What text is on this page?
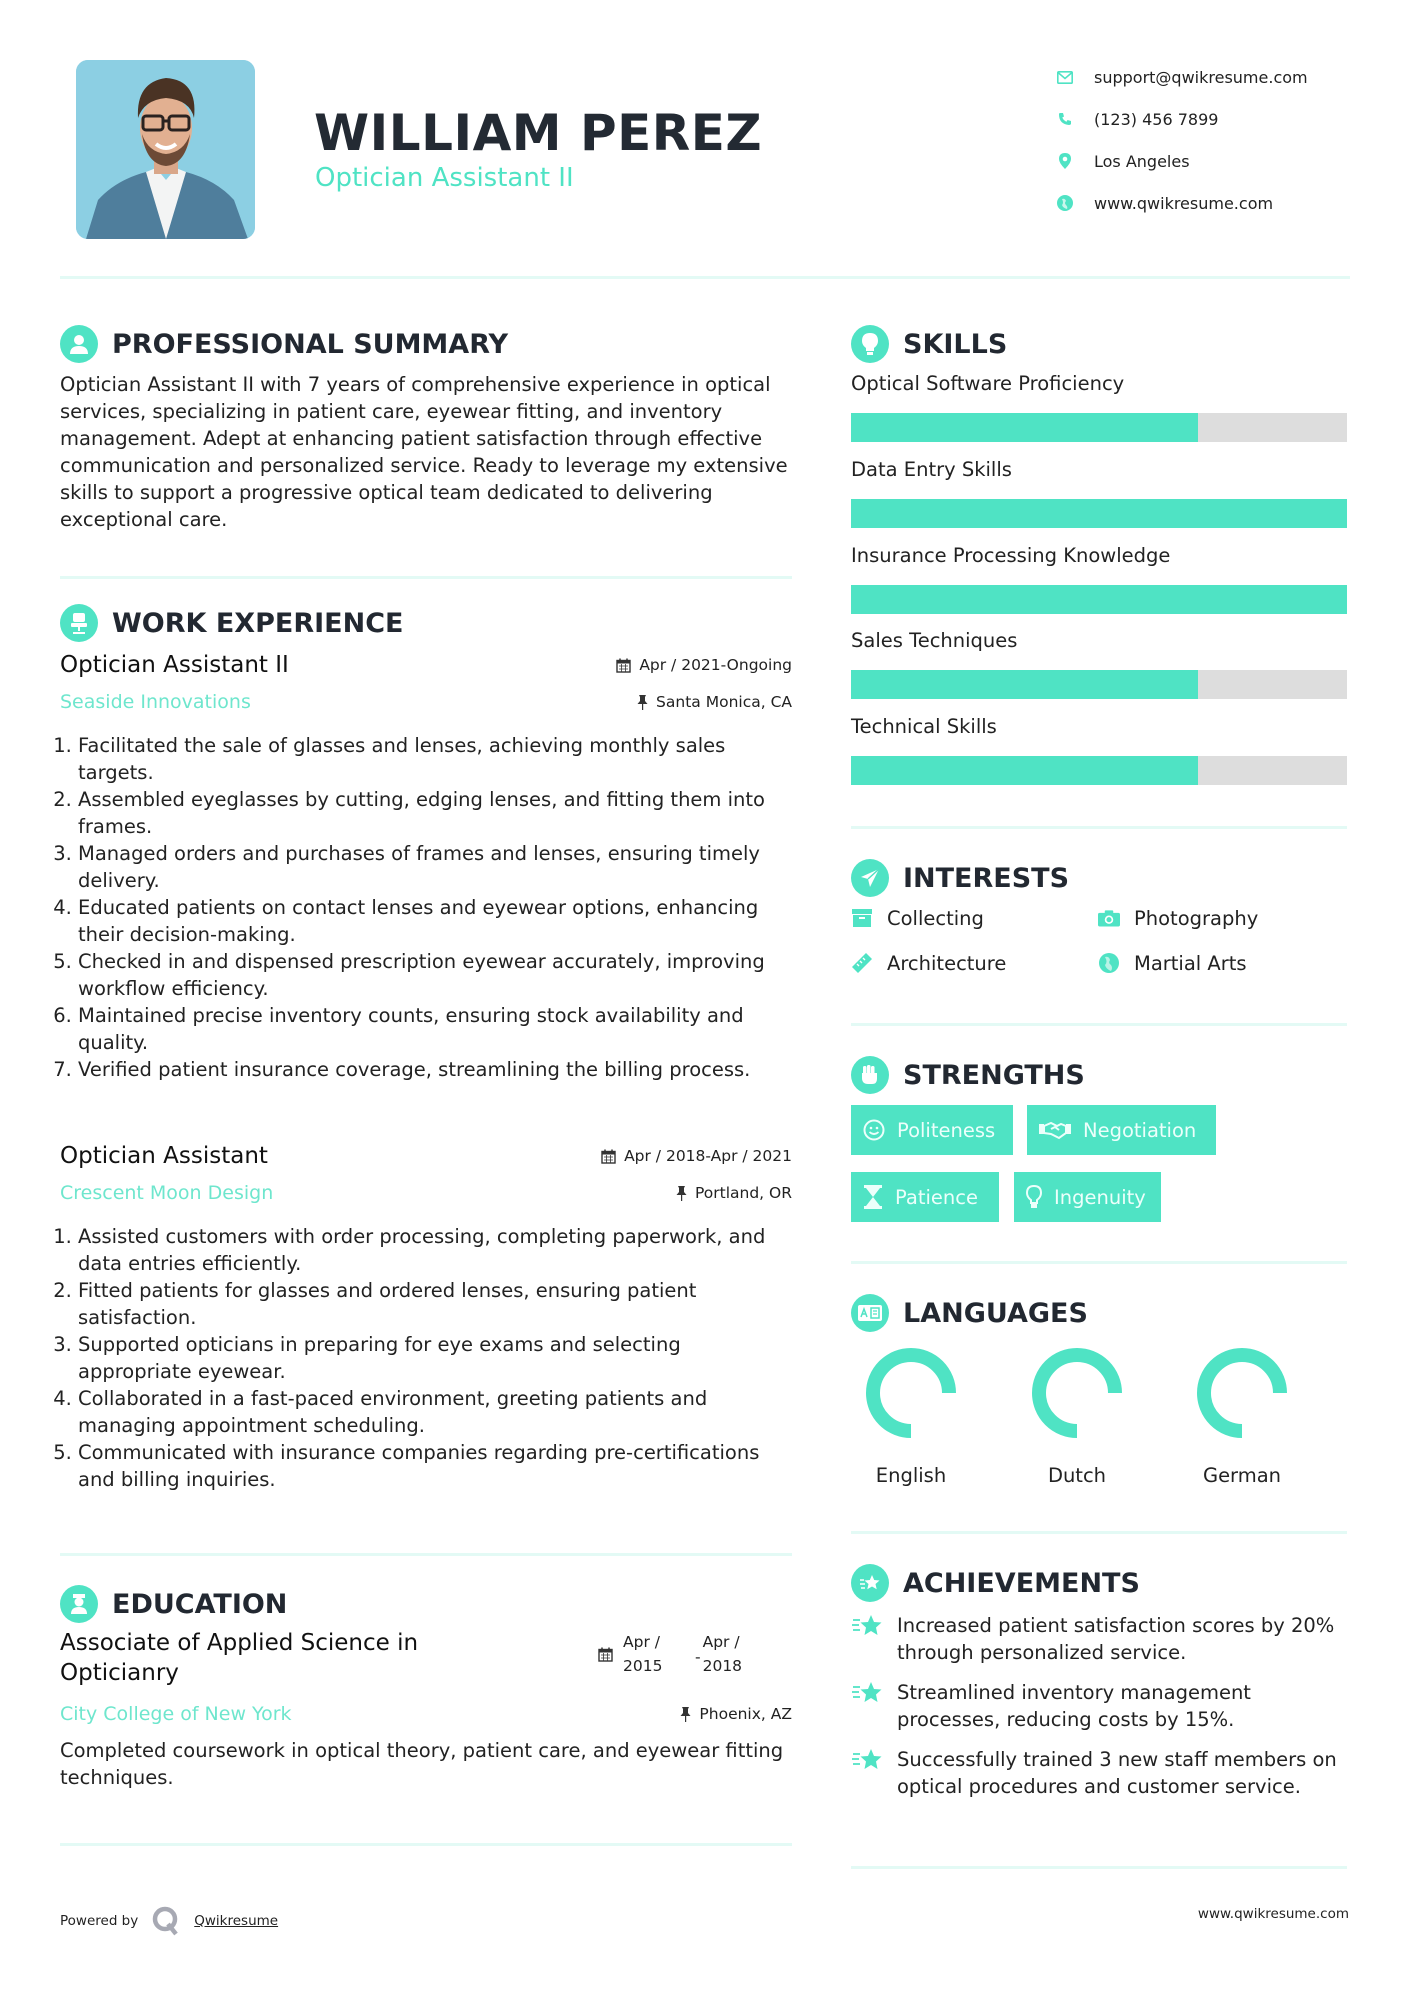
WILLIAM PEREZ
Optician Assistant II
support@qwikresume.com
(123) 456 7899
Los Angeles
www.qwikresume.com
PROFESSIONAL SUMMARY
Optician Assistant II with 7 years of comprehensive experience in optical services, specializing in patient care, eyewear fitting, and inventory management. Adept at enhancing patient satisfaction through effective communication and personalized service. Ready to leverage my extensive skills to support a progressive optical team dedicated to delivering exceptional care.
WORK EXPERIENCE
Optician Assistant II	Apr / 2021-Ongoing
Seaside Innovations	Santa Monica, CA
1. Facilitated the sale of glasses and lenses, achieving monthly sales targets.
2. Assembled eyeglasses by cutting, edging lenses, and fitting them into frames.
3. Managed orders and purchases of frames and lenses, ensuring timely delivery.
4. Educated patients on contact lenses and eyewear options, enhancing their decision-making.
5. Checked in and dispensed prescription eyewear accurately, improving workflow efficiency.
6. Maintained precise inventory counts, ensuring stock availability and quality.
7. Verified patient insurance coverage, streamlining the billing process.
Optician Assistant	Apr / 2018-Apr / 2021
Crescent Moon Design	Portland, OR
1. Assisted customers with order processing, completing paperwork, and data entries efficiently.
2. Fitted patients for glasses and ordered lenses, ensuring patient satisfaction.
3. Supported opticians in preparing for eye exams and selecting appropriate eyewear.
4. Collaborated in a fast-paced environment, greeting patients and managing appointment scheduling.
5. Communicated with insurance companies regarding pre-certifications and billing inquiries.
EDUCATION
Associate of Applied Science in Opticianry
Apr /
2015	-
Apr /
2018
City College of New York	Phoenix, AZ
Completed coursework in optical theory, patient care, and eyewear fitting techniques.
SKILLS
Optical Software Proficiency
Data Entry Skills
Insurance Processing Knowledge
Sales Techniques
Technical Skills
INTERESTS
Collecting	Photography
Architecture	Martial Arts
STRENGTHS
Politeness	Negotiation
Patience	Ingenuity
LANGUAGES
English	Dutch	German
ACHIEVEMENTS
Increased patient satisfaction scores by 20% through personalized service.
Streamlined inventory management processes, reducing costs by 15%.
Successfully trained 3 new staff members on optical procedures and customer service.
Powered by	Qwikresume	www.qwikresume.com
